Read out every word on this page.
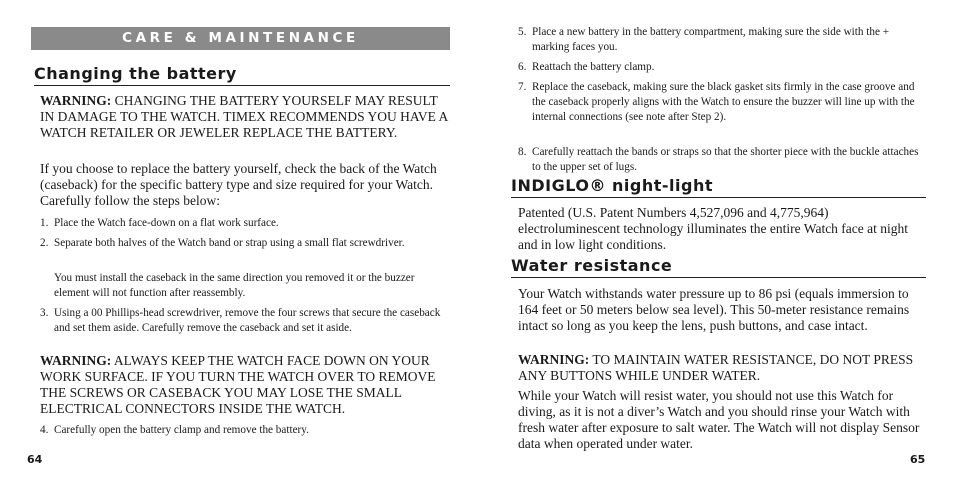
CARE & MAINTENANCE
Changing the battery

WARNING: CHANGING THE BATTERY YOURSELF MAY RESULT IN DAMAGE TO THE WATCH. TIMEX RECOMMENDS YOU HAVE A WATCH RETAILER OR JEWELER REPLACE THE BATTERY.

If you choose to replace the battery yourself, check the back of the Watch (caseback) for the specific battery type and size required for your Watch. Carefully follow the steps below:

1. Place the Watch face-down on a flat work surface.
2. Separate both halves of the Watch band or strap using a small flat screwdriver.
You must install the caseback in the same direction you removed it or the buzzer element will not function after reassembly.
3. Using a 00 Phillips-head screwdriver, remove the four screws that secure the caseback and set them aside. Carefully remove the caseback and set it aside.

WARNING: ALWAYS KEEP THE WATCH FACE DOWN ON YOUR WORK SURFACE. IF YOU TURN THE WATCH OVER TO REMOVE THE SCREWS OR CASEBACK YOU MAY LOSE THE SMALL ELECTRICAL CONNECTORS INSIDE THE WATCH.

4. Carefully open the battery clamp and remove the battery.
64
5. Place a new battery in the battery compartment, making sure the side with the + marking faces you.
6. Reattach the battery clamp.
7. Replace the caseback, making sure the black gasket sits firmly in the case groove and the caseback properly aligns with the Watch to ensure the buzzer will line up with the internal connections (see note after Step 2).
8. Carefully reattach the bands or straps so that the shorter piece with the buckle attaches to the upper set of lugs.
INDIGLO® night-light

Patented (U.S. Patent Numbers 4,527,096 and 4,775,964) electroluminescent technology illuminates the entire Watch face at night and in low light conditions.

Water resistance

Your Watch withstands water pressure up to 86 psi (equals immersion to 164 feet or 50 meters below sea level). This 50-meter resistance remains intact so long as you keep the lens, push buttons, and case intact.

WARNING: TO MAINTAIN WATER RESISTANCE, DO NOT PRESS ANY BUTTONS WHILE UNDER WATER.

While your Watch will resist water, you should not use this Watch for diving, as it is not a diver’s Watch and you should rinse your Watch with fresh water after exposure to salt water. The Watch will not display Sensor data when operated under water.

65
